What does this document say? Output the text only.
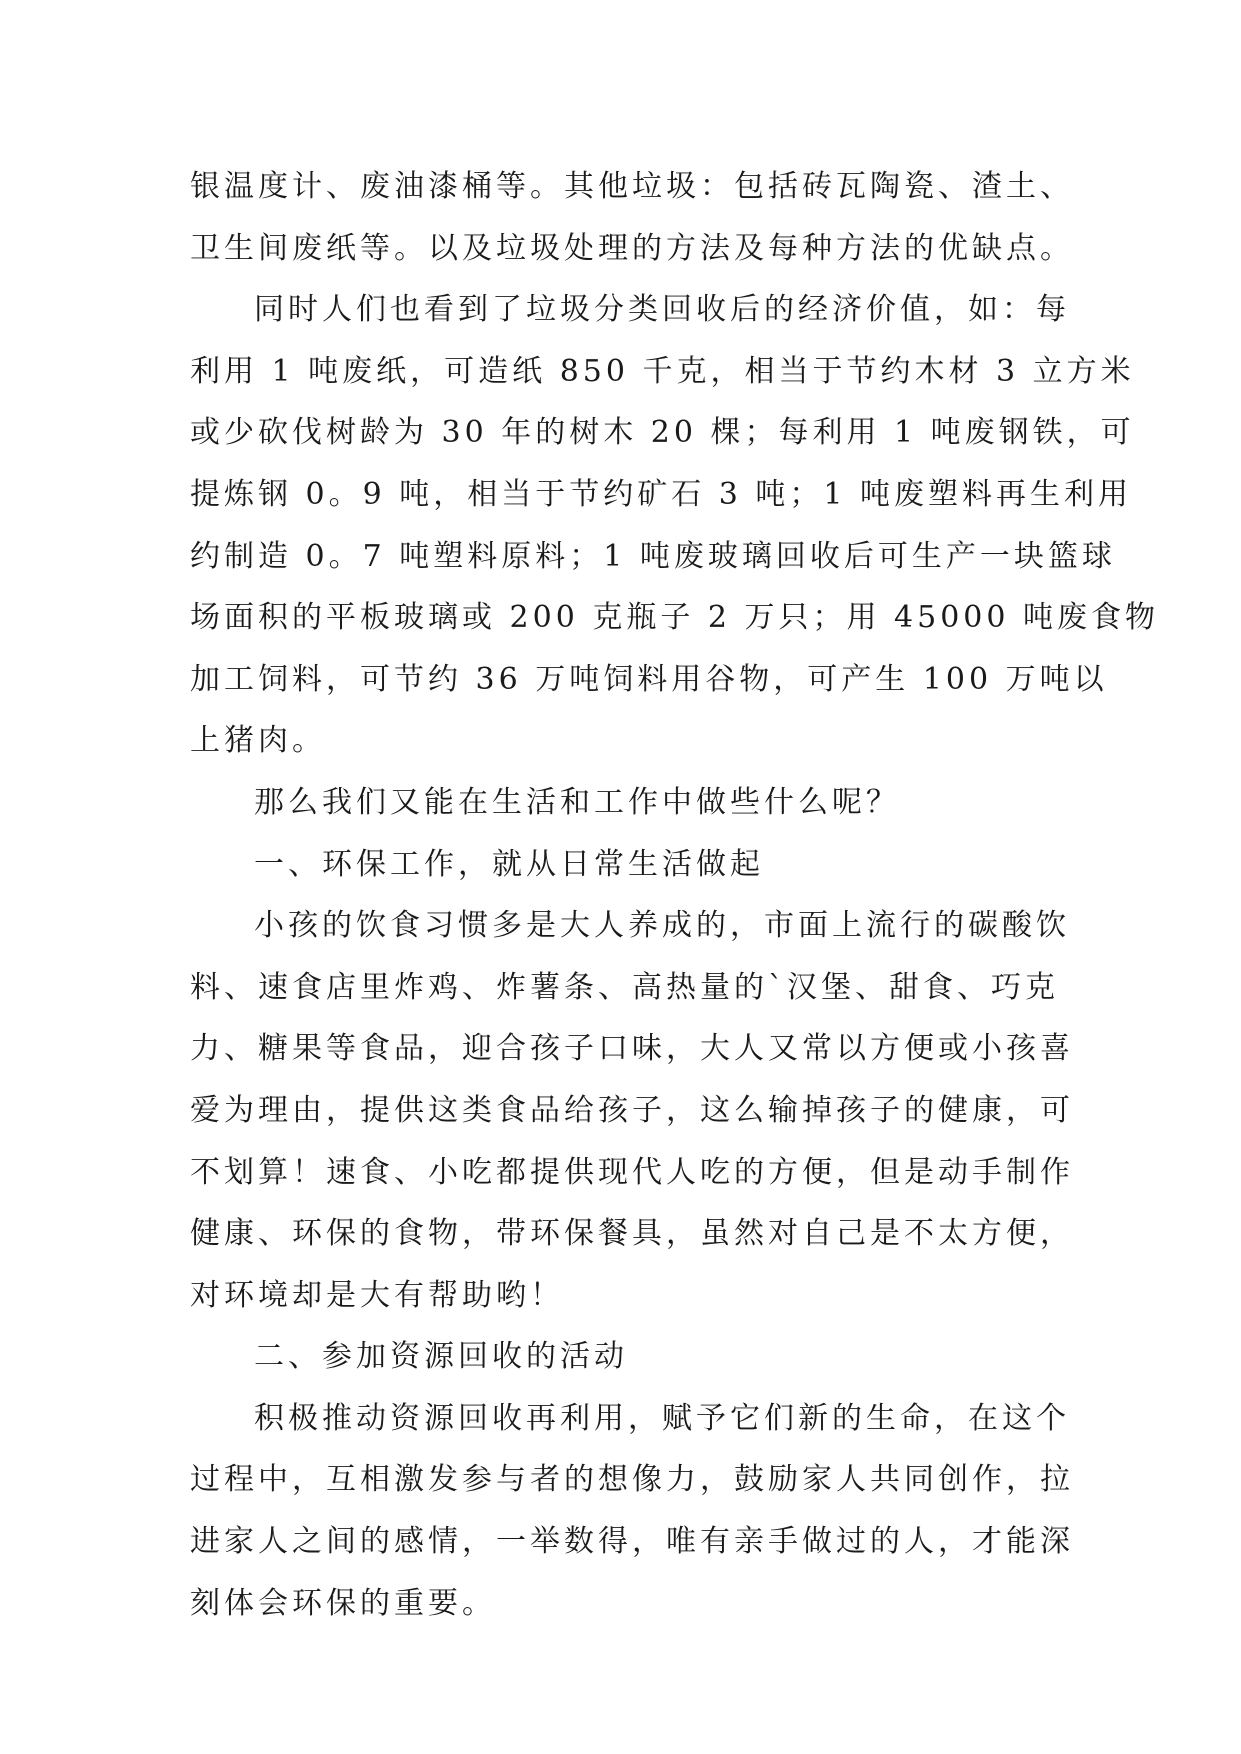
银温度计、废油漆桶等。其他垃圾：包括砖瓦陶瓷、渣土、
卫生间废纸等。以及垃圾处理的方法及每种方法的优缺点。
同时人们也看到了垃圾分类回收后的经济价值，如：每
利用 1 吨废纸，可造纸 850 千克，相当于节约木材 3 立方米
或少砍伐树龄为 30 年的树木 20 棵；每利用 1 吨废钢铁，可
提炼钢 0。9 吨，相当于节约矿石 3 吨；1 吨废塑料再生利用
约制造 0。7 吨塑料原料；1 吨废玻璃回收后可生产一块篮球
场面积的平板玻璃或 200 克瓶子 2 万只；用 45000 吨废食物
加工饲料，可节约 36 万吨饲料用谷物，可产生 100 万吨以
上猪肉。
那么我们又能在生活和工作中做些什么呢？
一、环保工作，就从日常生活做起
小孩的饮食习惯多是大人养成的，市面上流行的碳酸饮
料、速食店里炸鸡、炸薯条、高热量的`汉堡、甜食、巧克
力、糖果等食品，迎合孩子口味，大人又常以方便或小孩喜
爱为理由，提供这类食品给孩子，这么输掉孩子的健康，可
不划算！速食、小吃都提供现代人吃的方便，但是动手制作
健康、环保的食物，带环保餐具，虽然对自己是不太方便，
对环境却是大有帮助哟！
二、参加资源回收的活动
积极推动资源回收再利用，赋予它们新的生命，在这个
过程中，互相激发参与者的想像力，鼓励家人共同创作，拉
进家人之间的感情，一举数得，唯有亲手做过的人，才能深
刻体会环保的重要。
